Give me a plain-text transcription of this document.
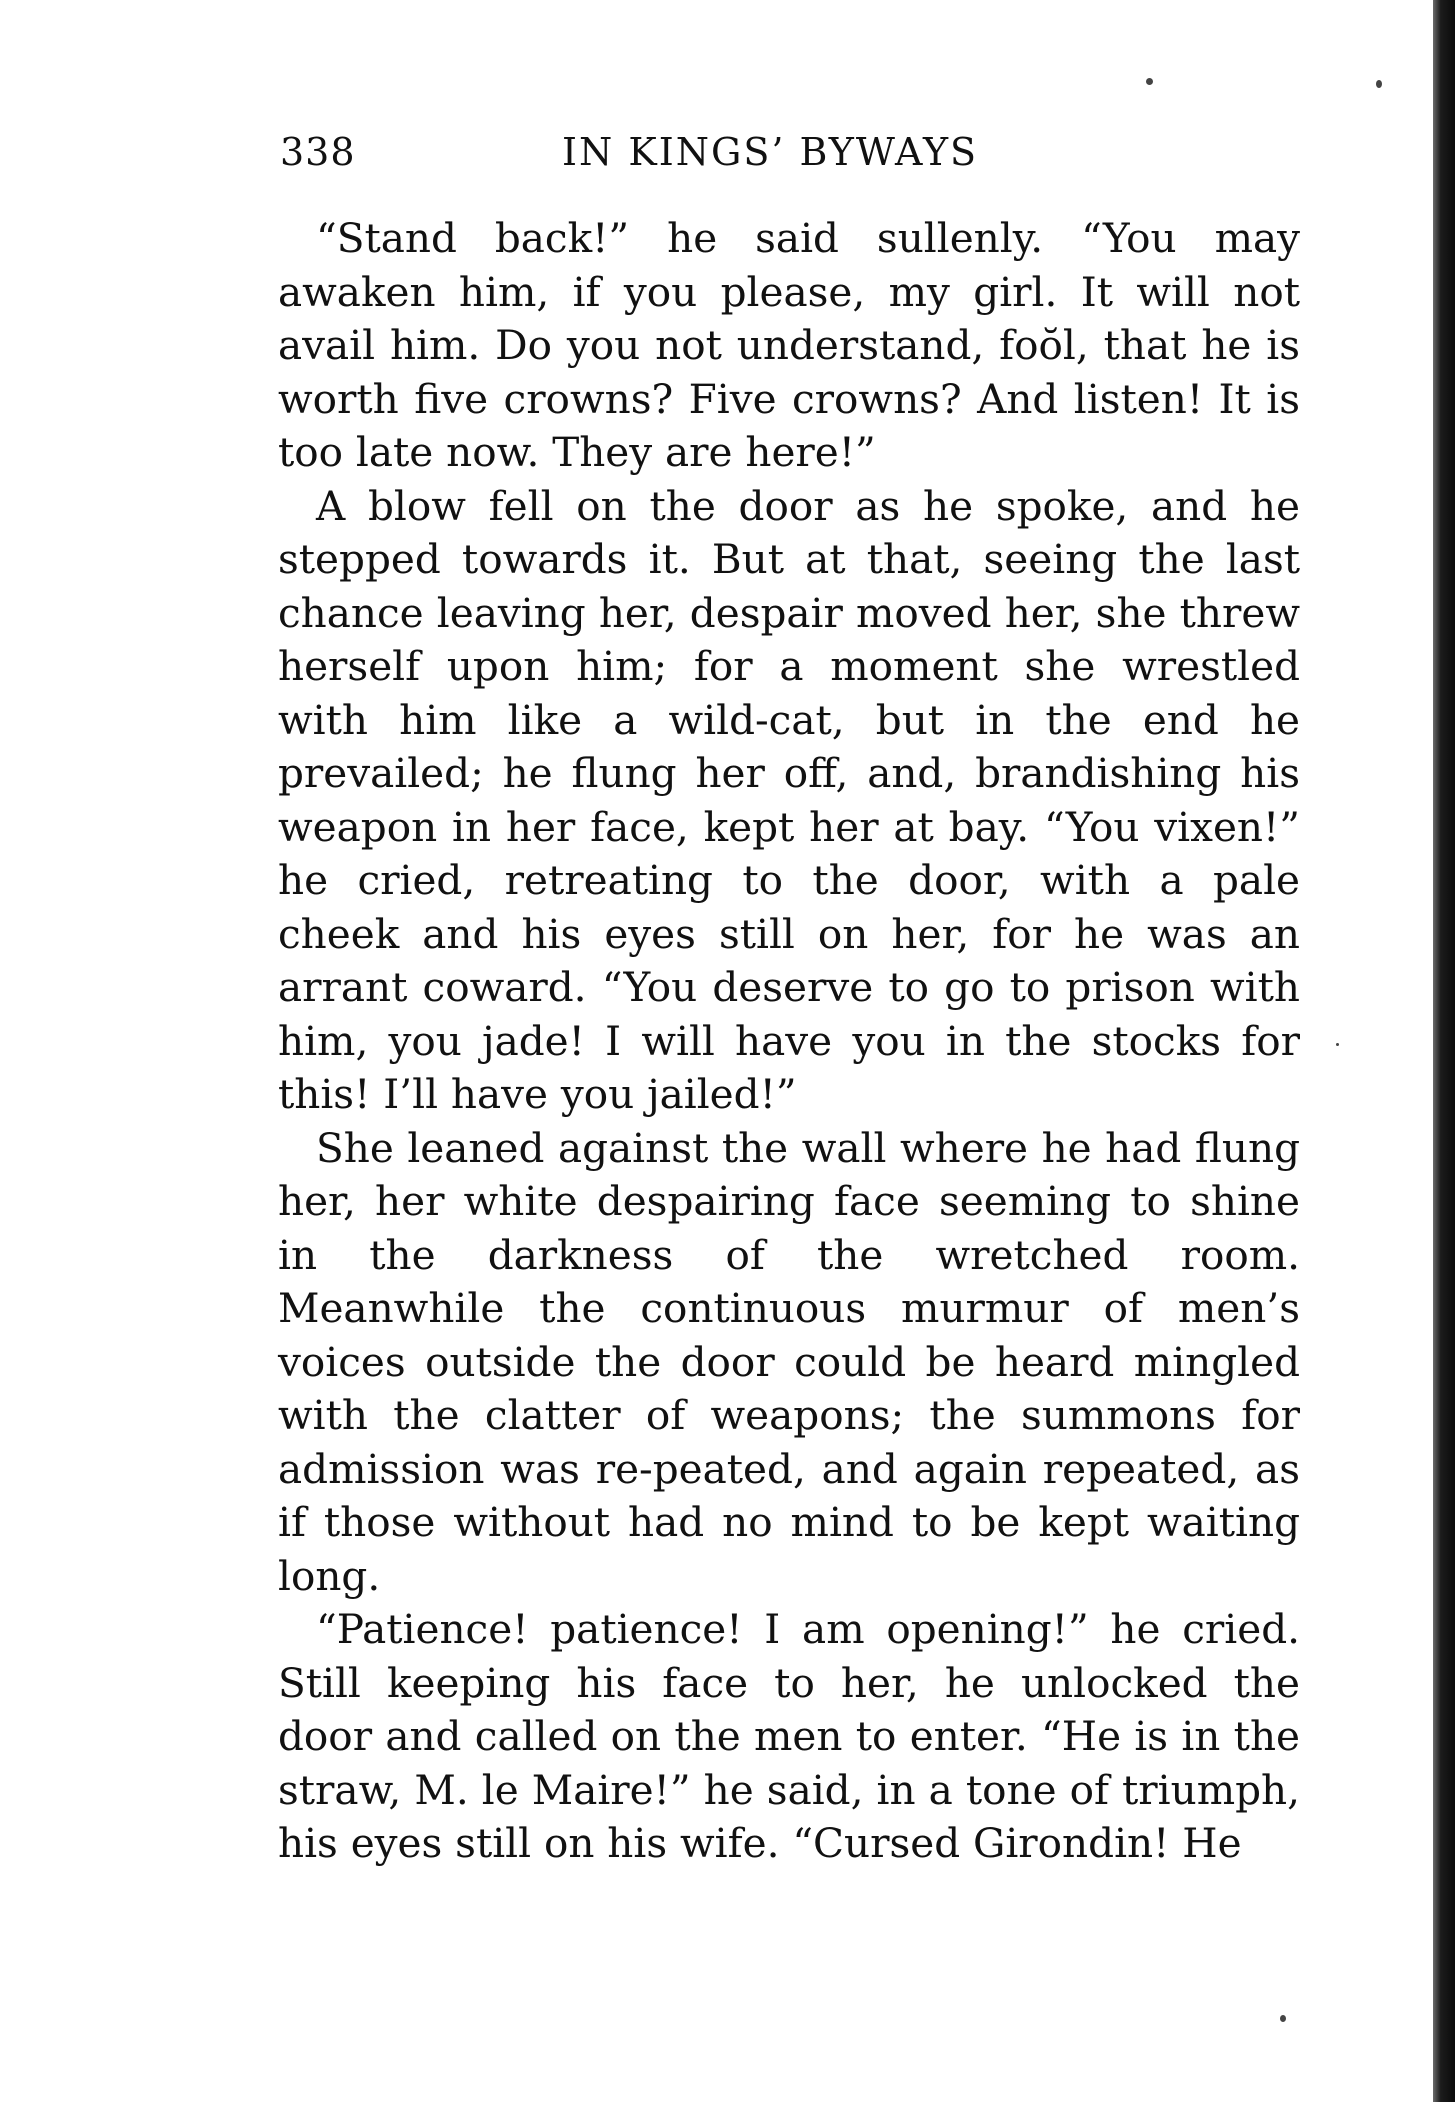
338	IN KINGS’ BYWAYS

“Stand back!” he said sullenly. “You may awaken him, if you please, my girl. It will not avail him. Do you not understand, foŏl, that he is worth five crowns? Five crowns? And listen! It is too late now. They are here!”

A blow fell on the door as he spoke, and he stepped towards it. But at that, seeing the last chance leaving her, despair moved her, she threw herself upon him; for a moment she wrestled with him like a wild-cat, but in the end he prevailed; he flung her off, and, brandishing his weapon in her face, kept her at bay. “You vixen!” he cried, retreating to the door, with a pale cheek and his eyes still on her, for he was an arrant coward. “You deserve to go to prison with him, you jade! I will have you in the stocks for this! I’ll have you jailed!”

She leaned against the wall where he had flung her, her white despairing face seeming to shine in the darkness of the wretched room. Meanwhile the continuous murmur of men’s voices outside the door could be heard mingled with the clatter of weapons; the summons for admission was re-peated, and again repeated, as if those without had no mind to be kept waiting long.

“Patience! patience! I am opening!” he cried. Still keeping his face to her, he unlocked the door and called on the men to enter. “He is in the straw, M. le Maire!” he said, in a tone of triumph, his eyes still on his wife. “Cursed Girondin! He
